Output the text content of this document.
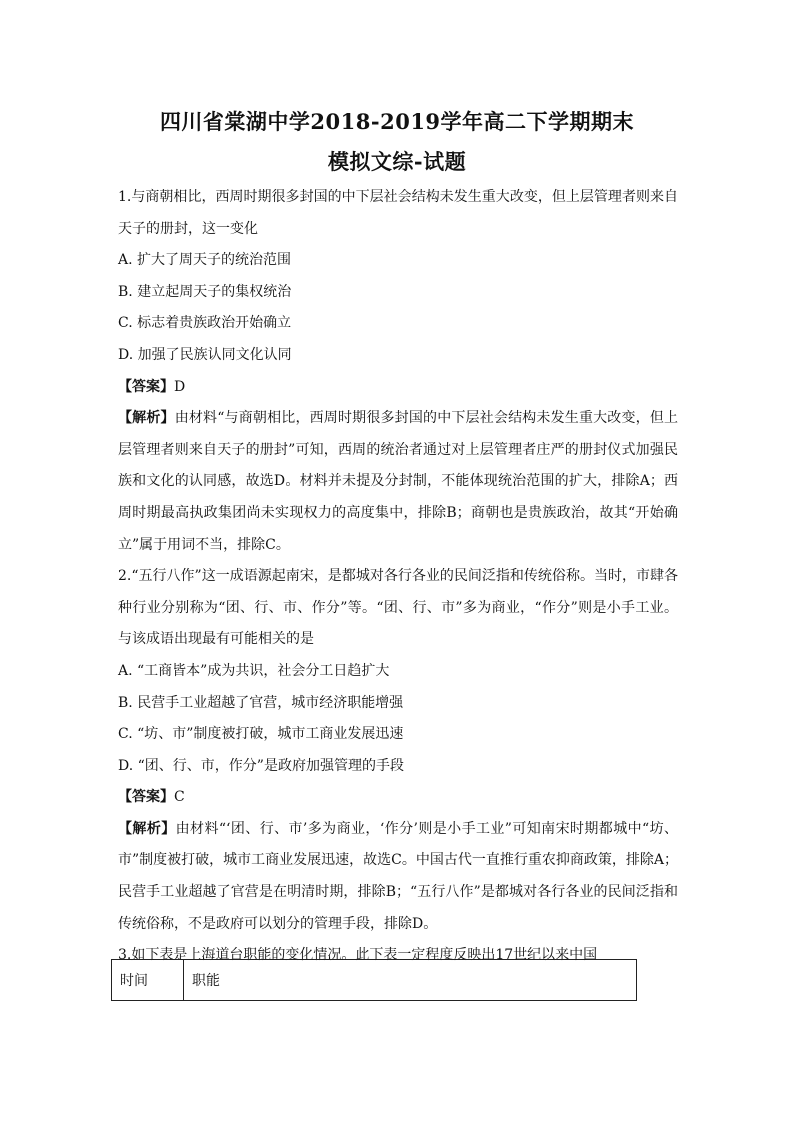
四川省棠湖中学2018-2019学年高二下学期期末
模拟文综-试题

1.与商朝相比，西周时期很多封国的中下层社会结构未发生重大改变，但上层管理者则来自天子的册封，这一变化

A. 扩大了周天子的统治范围

B. 建立起周天子的集权统治

C. 标志着贵族政治开始确立

D. 加强了民族认同文化认同

【答案】D

【解析】由材料“与商朝相比，西周时期很多封国的中下层社会结构未发生重大改变，但上层管理者则来自天子的册封”可知，西周的统治者通过对上层管理者庄严的册封仪式加强民族和文化的认同感，故选D。材料并未提及分封制，不能体现统治范围的扩大，排除A；西周时期最高执政集团尚未实现权力的高度集中，排除B；商朝也是贵族政治，故其“开始确立”属于用词不当，排除C。

2.“五行八作”这一成语源起南宋，是都城对各行各业的民间泛指和传统俗称。当时，市肆各种行业分别称为“团、行、市、作分”等。“团、行、市”多为商业，“作分”则是小手工业。与该成语出现最有可能相关的是

A. “工商皆本”成为共识，社会分工日趋扩大

B. 民营手工业超越了官营，城市经济职能增强

C. “坊、市”制度被打破，城市工商业发展迅速

D. “团、行、市，作分”是政府加强管理的手段

【答案】C

【解析】由材料“‘团、行、市’多为商业，‘作分’则是小手工业”可知南宋时期都城中“坊、市”制度被打破，城市工商业发展迅速，故选C。中国古代一直推行重农抑商政策，排除A；民营手工业超越了官营是在明清时期，排除B；“五行八作”是都城对各行各业的民间泛指和传统俗称，不是政府可以划分的管理手段，排除D。

3.如下表是上海道台职能的变化情况。此下表一定程度反映出17世纪以来中国

时间	职能
